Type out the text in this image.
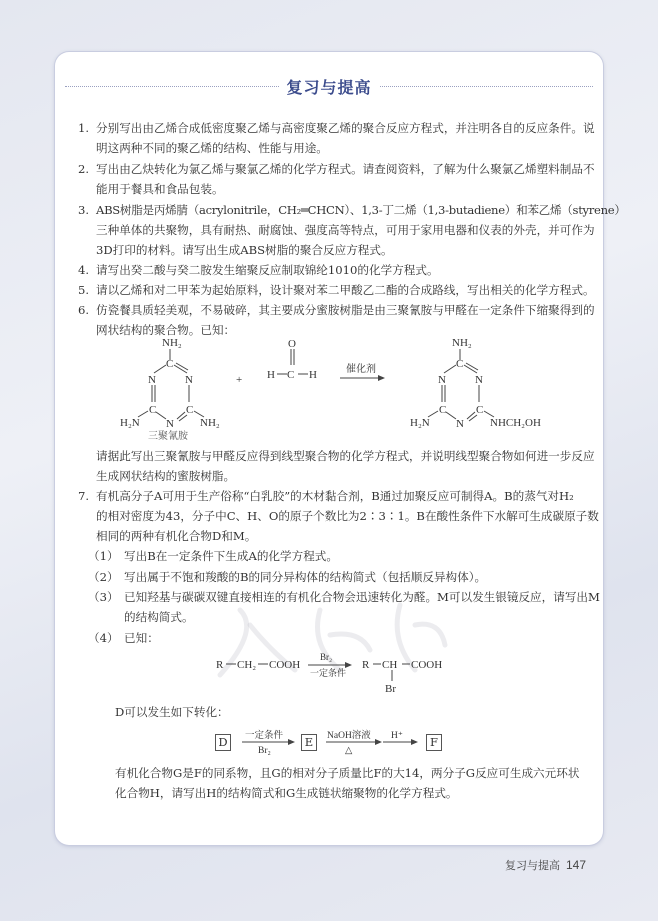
复习与提高
1. 分别写出由乙烯合成低密度聚乙烯与高密度聚乙烯的聚合反应方程式，并注明各自的反应条件。说
明这两种不同的聚乙烯的结构、性能与用途。
2. 写出由乙炔转化为氯乙烯与聚氯乙烯的化学方程式。请查阅资料，了解为什么聚氯乙烯塑料制品不
能用于餐具和食品包装。
3. ABS树脂是丙烯腈（acrylonitrile，CH₂═CHCN）、1,3-丁二烯（1,3-butadiene）和苯乙烯（styrene）
三种单体的共聚物，具有耐热、耐腐蚀、强度高等特点，可用于家用电器和仪表的外壳，并可作为
3D打印的材料。请写出生成ABS树脂的聚合反应方程式。
4. 请写出癸二酸与癸二胺发生缩聚反应制取锦纶1010的化学方程式。
5. 请以乙烯和对二甲苯为起始原料，设计聚对苯二甲酸乙二酯的合成路线，写出相关的化学方程式。
6. 仿瓷餐具质轻美观，不易破碎，其主要成分蜜胺树脂是由三聚氰胺与甲醛在一定条件下缩聚得到的
网状结构的聚合物。已知：
NH₂
C
N	N
C	C
N
H₂N	NH₂
+
O
H C H	催化剂
NH₂
C
N	N
C	C
N
H₂N	NHCH₂OH
三聚氰胺
请据此写出三聚氰胺与甲醛反应得到线型聚合物的化学方程式，并说明线型聚合物如何进一步反应
生成网状结构的蜜胺树脂。
7. 有机高分子A可用于生产俗称“白乳胶”的木材黏合剂，B通过加聚反应可制得A。B的蒸气对H₂
的相对密度为43，分子中C、H、O的原子个数比为2∶3∶1。B在酸性条件下水解可生成碳原子数
相同的两种有机化合物D和M。
（1） 写出B在一定条件下生成A的化学方程式。
（2） 写出属于不饱和羧酸的B的同分异构体的结构简式（包括顺反异构体）。
（3） 已知羟基与碳碳双键直接相连的有机化合物会迅速转化为醛。M可以发生银镜反应，请写出M
的结构简式。
（4） 已知：
R CH₂ COOH
Br₂
一定条件
R CH COOH
Br
D可以发生如下转化：
D	E	F
一定条件
Br₂
NaOH溶液
△
H⁺
有机化合物G是F的同系物，且G的相对分子质量比F的大14，两分子G反应可生成六元环状
化合物H，请写出H的结构简式和G生成链状缩聚物的化学方程式。
复习与提高 147
